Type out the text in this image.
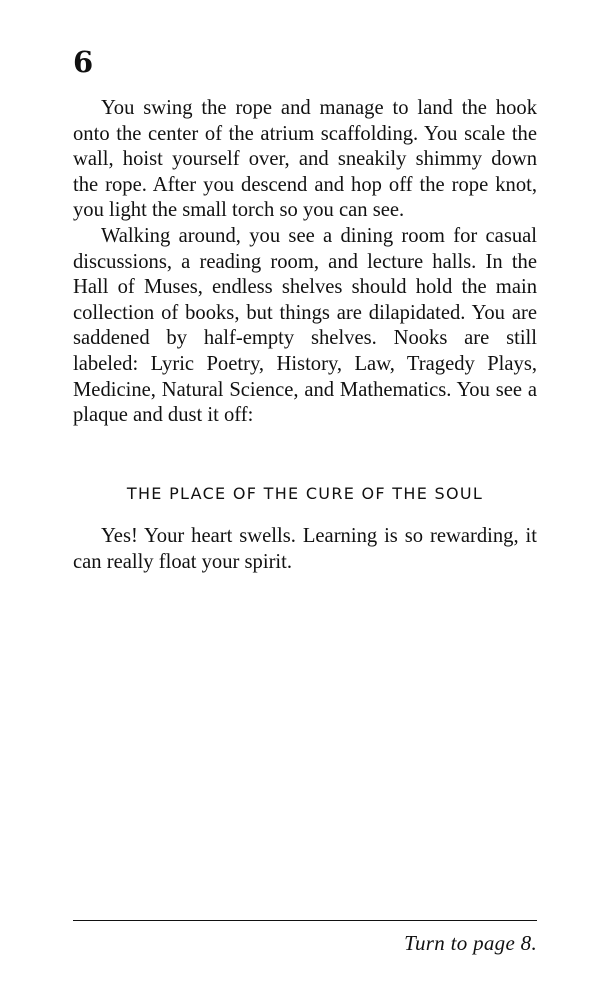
6

You swing the rope and manage to land the hook onto the center of the atrium scaffolding. You scale the wall, hoist yourself over, and sneakily shimmy down the rope. After you descend and hop off the rope knot, you light the small torch so you can see.

Walking around, you see a dining room for casual discussions, a reading room, and lecture halls. In the Hall of Muses, endless shelves should hold the main collection of books, but things are dilapidated. You are saddened by half-empty shelves. Nooks are still labeled: Lyric Poetry, History, Law, Tragedy Plays, Medicine, Natural Science, and Mathematics. You see a plaque and dust it off:

THE PLACE OF THE CURE OF THE SOUL

Yes! Your heart swells. Learning is so rewarding, it can really float your spirit.

Turn to page 8.
